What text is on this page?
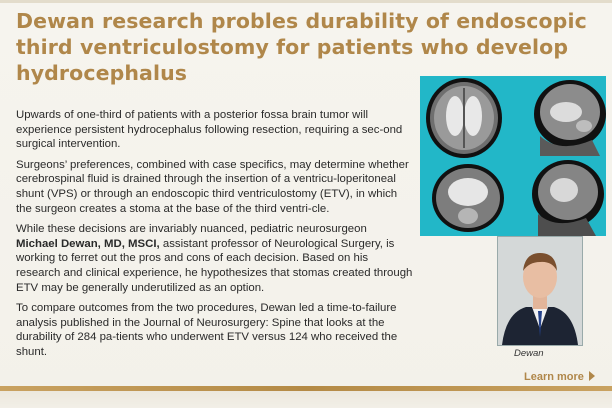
Dewan research probles durability of endoscopic third ventriculostomy for patients who develop hydrocephalus

Upwards of one-third of patients with a posterior fossa brain tumor will experience persistent hydrocephalus following resection, requiring a sec-ond surgical intervention.

Surgeons’ preferences, combined with case specifics, may determine whether cerebrospinal fluid is drained through the insertion of a ventricu-loperitoneal shunt (VPS) or through an endoscopic third ventriculostomy (ETV), in which the surgeon creates a stoma at the base of the third ventri-cle.

While these decisions are invariably nuanced, pediatric neurosurgeon
Michael Dewan, MD, MSCI, assistant professor of Neurological Surgery, is working to ferret out the pros and cons of each decision. Based on his research and clinical experience, he hypothesizes that stomas created through ETV may be generally underutilized as an option.

To compare outcomes from the two procedures, Dewan led a time-to-failure analysis published in the Journal of Neurosurgery: Spine that looks at the durability of 284 pa-tients who underwent ETV versus 124 who received the shunt.	Dewan
Learn more
